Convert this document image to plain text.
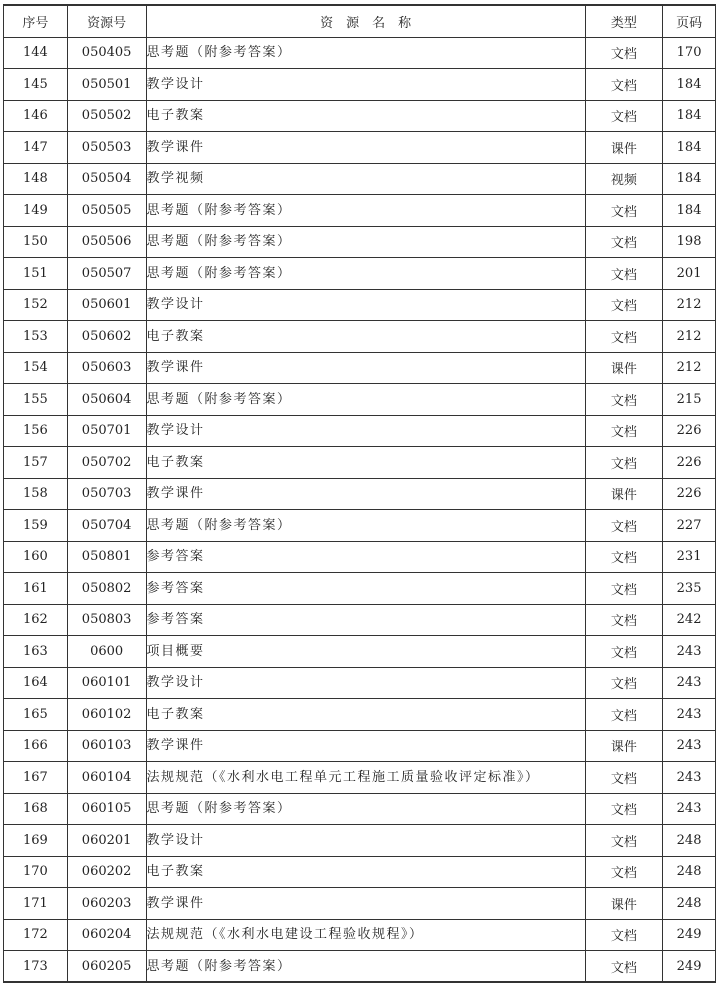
序号	资源号	资　源　名　称	类型	页码
144	050405	思考题（附参考答案）	文档	170
145	050501	教学设计	文档	184
146	050502	电子教案	文档	184
147	050503	教学课件	课件	184
148	050504	教学视频	视频	184
149	050505	思考题（附参考答案）	文档	184
150	050506	思考题（附参考答案）	文档	198
151	050507	思考题（附参考答案）	文档	201
152	050601	教学设计	文档	212
153	050602	电子教案	文档	212
154	050603	教学课件	课件	212
155	050604	思考题（附参考答案）	文档	215
156	050701	教学设计	文档	226
157	050702	电子教案	文档	226
158	050703	教学课件	课件	226
159	050704	思考题（附参考答案）	文档	227
160	050801	参考答案	文档	231
161	050802	参考答案	文档	235
162	050803	参考答案	文档	242
163	0600	项目概要	文档	243
164	060101	教学设计	文档	243
165	060102	电子教案	文档	243
166	060103	教学课件	课件	243
167	060104	法规规范（《水利水电工程单元工程施工质量验收评定标准》）	文档	243
168	060105	思考题（附参考答案）	文档	243
169	060201	教学设计	文档	248
170	060202	电子教案	文档	248
171	060203	教学课件	课件	248
172	060204	法规规范（《水利水电建设工程验收规程》）	文档	249
173	060205	思考题（附参考答案）	文档	249
